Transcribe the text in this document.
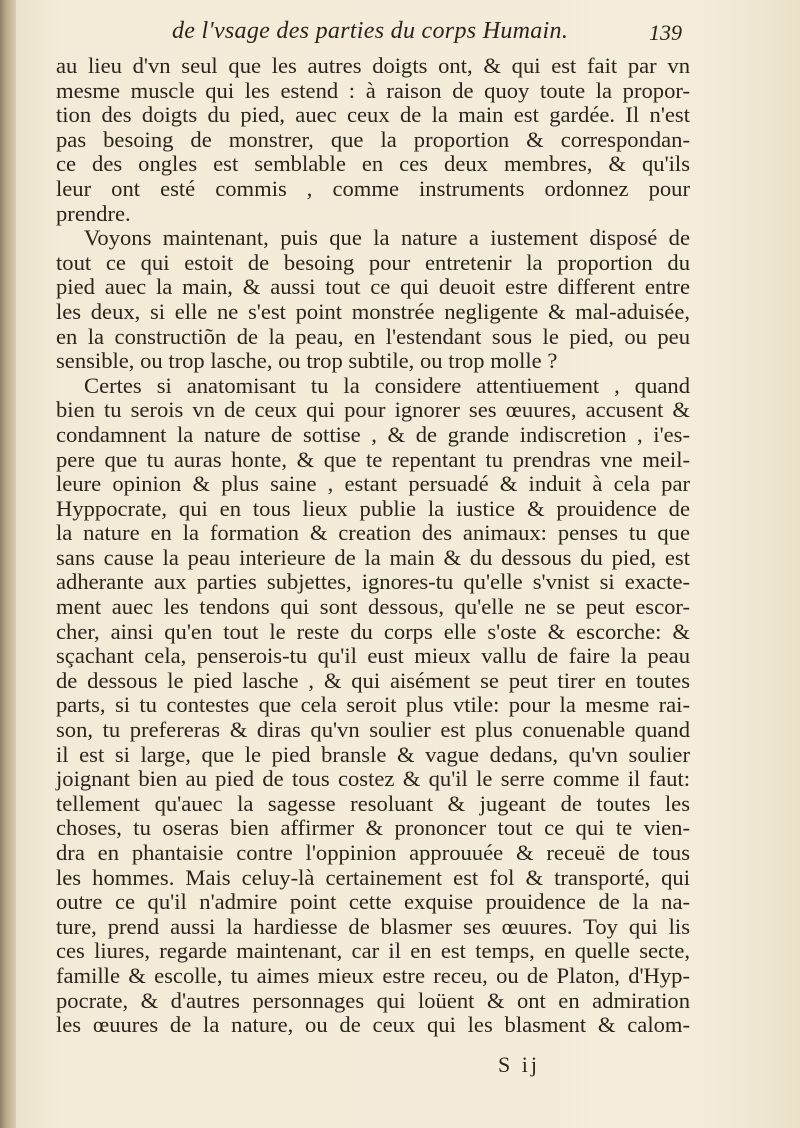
de l'vsage des parties du corps Humain.	139
au lieu d'vn seul que les autres doigts ont, & qui est fait par vn
mesme muscle qui les estend : à raison de quoy toute la propor-
tion des doigts du pied, auec ceux de la main est gardée. Il n'est
pas besoing de monstrer, que la proportion & correspondan-
ce des ongles est semblable en ces deux membres, & qu'ils
leur ont esté commis , comme instruments ordonnez pour
prendre.
Voyons maintenant, puis que la nature a iustement disposé de
tout ce qui estoit de besoing pour entretenir la proportion du
pied auec la main, & aussi tout ce qui deuoit estre different entre
les deux, si elle ne s'est point monstrée negligente & mal-aduisée,
en la constructiõn de la peau, en l'estendant sous le pied, ou peu
sensible, ou trop lasche, ou trop subtile, ou trop molle ?
Certes si anatomisant tu la considere attentiuement , quand
bien tu serois vn de ceux qui pour ignorer ses œuures, accusent &
condamnent la nature de sottise , & de grande indiscretion , i'es-
pere que tu auras honte, & que te repentant tu prendras vne meil-
leure opinion & plus saine , estant persuadé & induit à cela par
Hyppocrate, qui en tous lieux publie la iustice & prouidence de
la nature en la formation & creation des animaux: penses tu que
sans cause la peau interieure de la main & du dessous du pied, est
adherante aux parties subjettes, ignores-tu qu'elle s'vnist si exacte-
ment auec les tendons qui sont dessous, qu'elle ne se peut escor-
cher, ainsi qu'en tout le reste du corps elle s'oste & escorche: &
sçachant cela, penserois-tu qu'il eust mieux vallu de faire la peau
de dessous le pied lasche , & qui aisément se peut tirer en toutes
parts, si tu contestes que cela seroit plus vtile: pour la mesme rai-
son, tu prefereras & diras qu'vn soulier est plus conuenable quand
il est si large, que le pied bransle & vague dedans, qu'vn soulier
joignant bien au pied de tous costez & qu'il le serre comme il faut:
tellement qu'auec la sagesse resoluant & jugeant de toutes les
choses, tu oseras bien affirmer & prononcer tout ce qui te vien-
dra en phantaisie contre l'oppinion approuuée & receuë de tous
les hommes. Mais celuy-là certainement est fol & transporté, qui
outre ce qu'il n'admire point cette exquise prouidence de la na-
ture, prend aussi la hardiesse de blasmer ses œuures. Toy qui lis
ces liures, regarde maintenant, car il en est temps, en quelle secte,
famille & escolle, tu aimes mieux estre receu, ou de Platon, d'Hyp-
pocrate, & d'autres personnages qui loüent & ont en admiration
les œuures de la nature, ou de ceux qui les blasment & calom-
S ij
